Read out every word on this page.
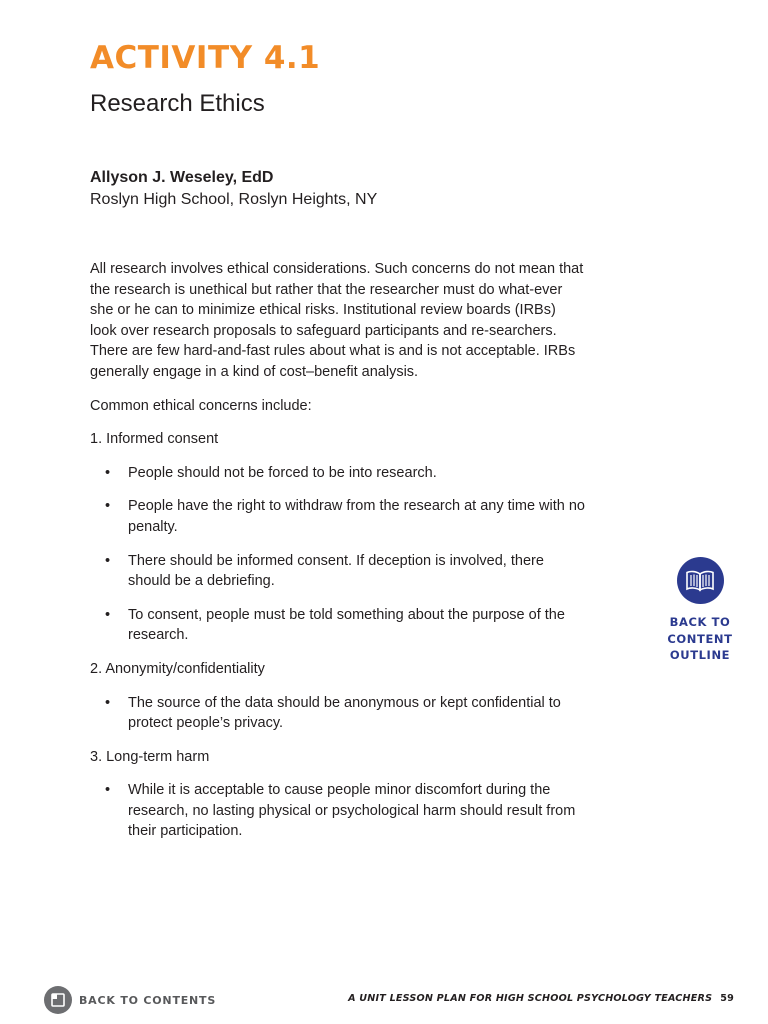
ACTIVITY 4.1
Research Ethics
Allyson J. Weseley, EdD
Roslyn High School, Roslyn Heights, NY

All research involves ethical considerations. Such concerns do not mean that the research is unethical but rather that the researcher must do what-ever she or he can to minimize ethical risks. Institutional review boards (IRBs) look over research proposals to safeguard participants and re-searchers. There are few hard-and-fast rules about what is and is not acceptable. IRBs generally engage in a kind of cost–benefit analysis.

Common ethical concerns include:

1. Informed consent

• People should not be forced to be into research.
• People have the right to withdraw from the research at any time with no penalty.
• There should be informed consent. If deception is involved, there should be a debriefing.
• To consent, people must be told something about the purpose of the research.

2. Anonymity/confidentiality

• The source of the data should be anonymous or kept confidential to protect people’s privacy.

3. Long-term harm

• While it is acceptable to cause people minor discomfort during the research, no lasting physical or psychological harm should result from their participation.
BACK TO
CONTENT
OUTLINE
BACK TO CONTENTS	A UNIT LESSON PLAN FOR HIGH SCHOOL PSYCHOLOGY TEACHERS 59
